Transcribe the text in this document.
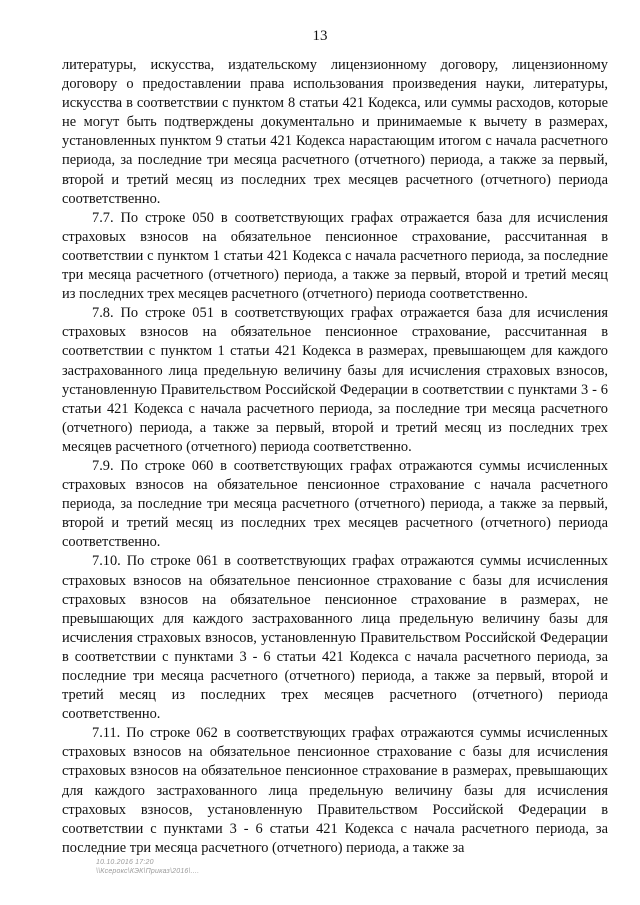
13

литературы, искусства, издательскому лицензионному договору, лицензионному договору о предоставлении права использования произведения науки, литературы, искусства в соответствии с пунктом 8 статьи 421 Кодекса, или суммы расходов, которые не могут быть подтверждены документально и принимаемые к вычету в размерах, установленных пунктом 9 статьи 421 Кодекса нарастающим итогом с начала расчетного периода, за последние три месяца расчетного (отчетного) периода, а также за первый, второй и третий месяц из последних трех месяцев расчетного (отчетного) периода соответственно.

7.7. По строке 050 в соответствующих графах отражается база для исчисления страховых взносов на обязательное пенсионное страхование, рассчитанная в соответствии с пунктом 1 статьи 421 Кодекса с начала расчетного периода, за последние три месяца расчетного (отчетного) периода, а также за первый, второй и третий месяц из последних трех месяцев расчетного (отчетного) периода соответственно.

7.8. По строке 051 в соответствующих графах отражается база для исчисления страховых взносов на обязательное пенсионное страхование, рассчитанная в соответствии с пунктом 1 статьи 421 Кодекса в размерах, превышающем для каждого застрахованного лица предельную величину базы для исчисления страховых взносов, установленную Правительством Российской Федерации в соответствии с пунктами 3 - 6 статьи 421 Кодекса с начала расчетного периода, за последние три месяца расчетного (отчетного) периода, а также за первый, второй и третий месяц из последних трех месяцев расчетного (отчетного) периода соответственно.

7.9. По строке 060 в соответствующих графах отражаются суммы исчисленных страховых взносов на обязательное пенсионное страхование с начала расчетного периода, за последние три месяца расчетного (отчетного) периода, а также за первый, второй и третий месяц из последних трех месяцев расчетного (отчетного) периода соответственно.

7.10. По строке 061 в соответствующих графах отражаются суммы исчисленных страховых взносов на обязательное пенсионное страхование с базы для исчисления страховых взносов на обязательное пенсионное страхование в размерах, не превышающих для каждого застрахованного лица предельную величину базы для исчисления страховых взносов, установленную Правительством Российской Федерации в соответствии с пунктами 3 - 6 статьи 421 Кодекса с начала расчетного периода, за последние три месяца расчетного (отчетного) периода, а также за первый, второй и третий месяц из последних трех месяцев расчетного (отчетного) периода соответственно.

7.11. По строке 062 в соответствующих графах отражаются суммы исчисленных страховых взносов на обязательное пенсионное страхование с базы для исчисления страховых взносов на обязательное пенсионное страхование в размерах, превышающих для каждого застрахованного лица предельную величину базы для исчисления страховых взносов, установленную Правительством Российской Федерации в соответствии с пунктами 3 - 6 статьи 421 Кодекса с начала расчетного периода, за последние три месяца расчетного (отчетного) периода, а также за

10.10.2016 17:20
\\Ксерокс\КЭК\Приказ\2016\....
